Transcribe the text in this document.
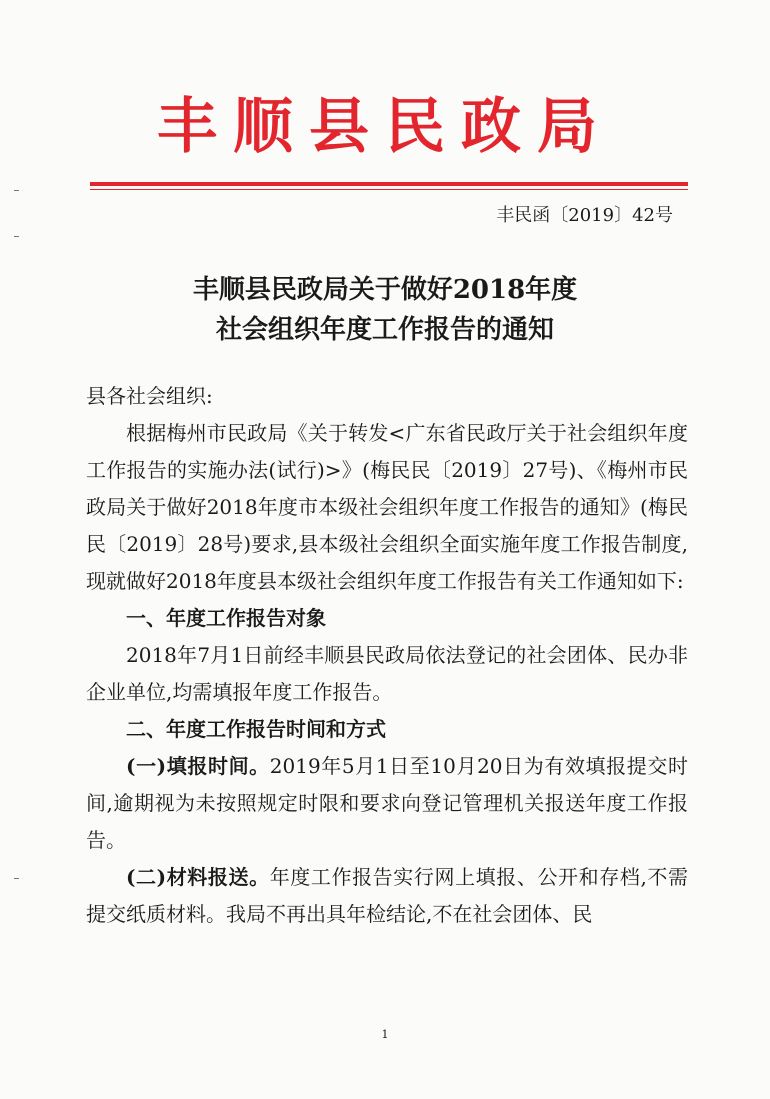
丰顺县民政局
丰民函〔2019〕42号
丰顺县民政局关于做好2018年度
社会组织年度工作报告的通知

县各社会组织:

根据梅州市民政局《关于转发<广东省民政厅关于社会组织年度工作报告的实施办法(试行)>》(梅民民〔2019〕27号)、《梅州市民政局关于做好2018年度市本级社会组织年度工作报告的通知》(梅民民〔2019〕28号)要求,县本级社会组织全面实施年度工作报告制度,现就做好2018年度县本级社会组织年度工作报告有关工作通知如下:

一、年度工作报告对象

2018年7月1日前经丰顺县民政局依法登记的社会团体、民办非企业单位,均需填报年度工作报告。

二、年度工作报告时间和方式

(一)填报时间。2019年5月1日至10月20日为有效填报提交时间,逾期视为未按照规定时限和要求向登记管理机关报送年度工作报告。

(二)材料报送。年度工作报告实行网上填报、公开和存档,不需提交纸质材料。我局不再出具年检结论,不在社会团体、民

1
